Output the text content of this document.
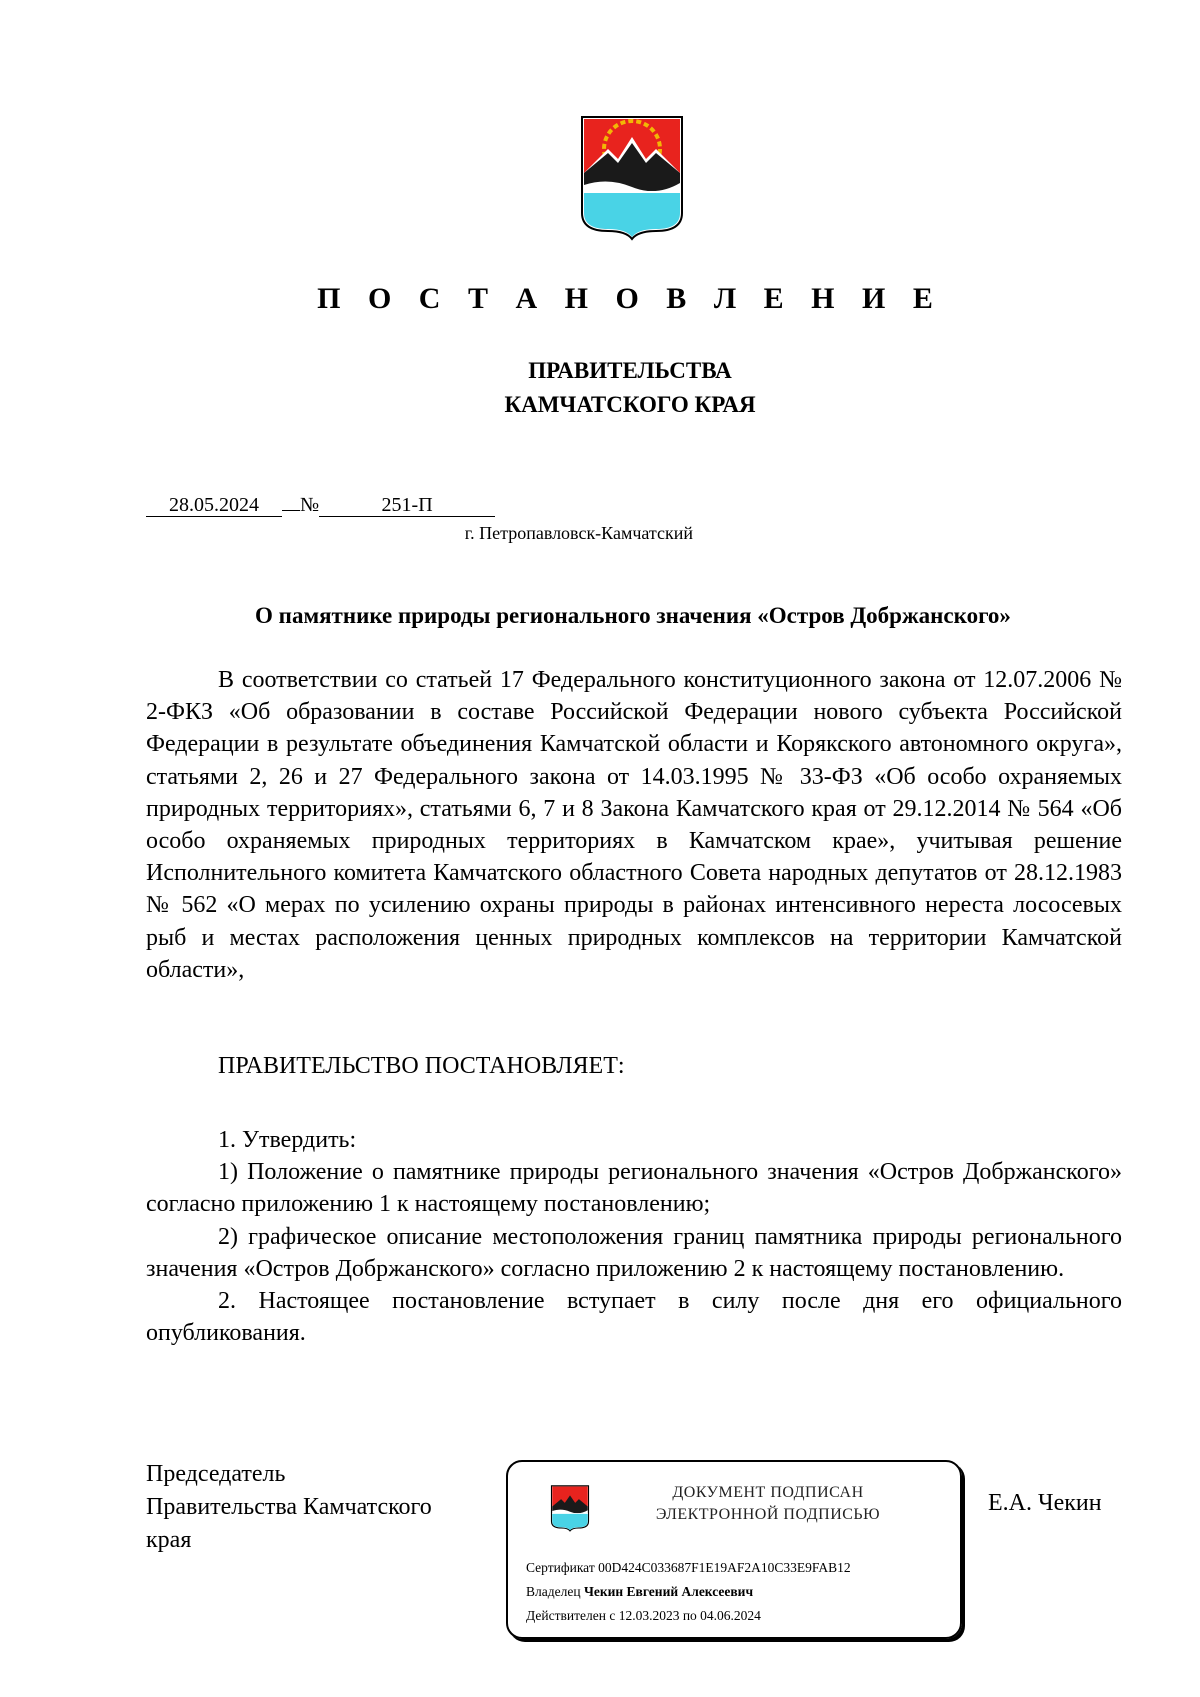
П О С Т А Н О В Л Е Н И Е
ПРАВИТЕЛЬСТВА
КАМЧАТСКОГО КРАЯ
28.05.2024 №	251-П
г. Петропавловск-Камчатский
О памятнике природы регионального значения «Остров Добржанского»

В соответствии со статьей 17 Федерального конституционного закона от 12.07.2006 № 2-ФКЗ «Об образовании в составе Российской Федерации нового субъекта Российской Федерации в результате объединения Камчатской области и Корякского автономного округа», статьями 2, 26 и 27 Федерального закона от 14.03.1995 № 33-ФЗ «Об особо охраняемых природных территориях», статьями 6, 7 и 8 Закона Камчатского края от 29.12.2014 № 564 «Об особо охраняемых природных территориях в Камчатском крае», учитывая решение Исполнительного комитета Камчатского областного Совета народных депутатов от 28.12.1983 № 562 «О мерах по усилению охраны природы в районах интенсивного нереста лососевых рыб и местах расположения ценных природных комплексов на территории Камчатской области»,

ПРАВИТЕЛЬСТВО ПОСТАНОВЛЯЕТ:

1. Утвердить:

1) Положение о памятнике природы регионального значения «Остров Добржанского» согласно приложению 1 к настоящему постановлению;

2) графическое описание местоположения границ памятника природы регионального значения «Остров Добржанского» согласно приложению 2 к настоящему постановлению.

2. Настоящее постановление вступает в силу после дня его официального опубликования.

Председатель
Правительства Камчатского
края
ДОКУМЕНТ ПОДПИСАН
ЭЛЕКТРОННОЙ ПОДПИСЬЮ
Сертификат 00D424C033687F1E19AF2A10C33E9FAB12
Владелец Чекин Евгений Алексеевич
Действителен с 12.03.2023 по 04.06.2024
Е.А. Чекин
